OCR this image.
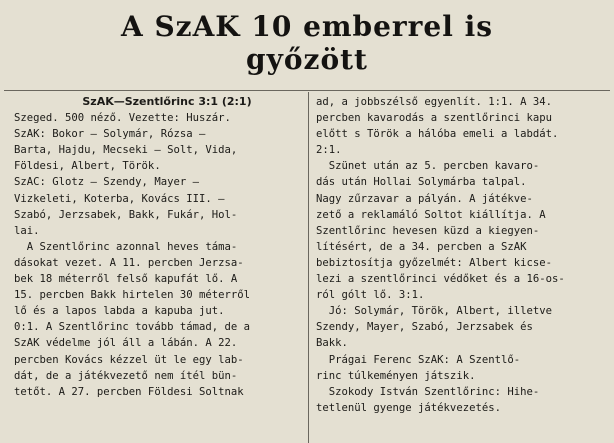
A SzAK 10 emberrel is
győzött

SzAK—Szentlőrinc 3:1 (2:1)

Szeged. 500 néző. Vezette: Huszár.

SzAK: Bokor — Solymár, Rózsa —

Barta, Hajdu, Mecseki — Solt, Vida,

Földesi, Albert, Török.

SzAC: Glotz — Szendy, Mayer —

Vizkeleti, Koterba, Kovács III. —

Szabó, Jerzsabek, Bakk, Fukár, Hol-

lai.

A Szentlőrinc azonnal heves táma-

dásokat vezet. A 11. percben Jerzsa-

bek 18 méterről felső kapufát lő. A

15. percben Bakk hirtelen 30 méterről

lő és a lapos labda a kapuba jut.

0:1. A Szentlőrinc tovább támad, de a

SzAK védelme jól áll a lábán. A 22.

percben Kovács kézzel üt le egy lab-

dát, de a játékvezető nem ítél bün-

tetőt. A 27. percben Földesi Soltnak

ad, a jobbszélső egyenlít. 1:1. A 34.

percben kavarodás a szentlőrinci kapu

előtt s Török a hálóba emeli a labdát.

2:1.

Szünet után az 5. percben kavaro-

dás után Hollai Solymárba talpal.

Nagy zűrzavar a pályán. A játékve-

zető a reklamáló Soltot kiállítja. A

Szentlőrinc hevesen küzd a kiegyen-

lítésért, de a 34. percben a SzAK

bebiztosítja győzelmét: Albert kicse-

lezi a szentlőrinci védőket és a 16-os-

ról gólt lő. 3:1.

Jó: Solymár, Török, Albert, illetve

Szendy, Mayer, Szabó, Jerzsabek és

Bakk.

Prágai Ferenc SzAK: A Szentlő-

rinc túlkeményen játszik.

Szokody István Szentlőrinc: Hihe-

tetlenül gyenge játékvezetés.
